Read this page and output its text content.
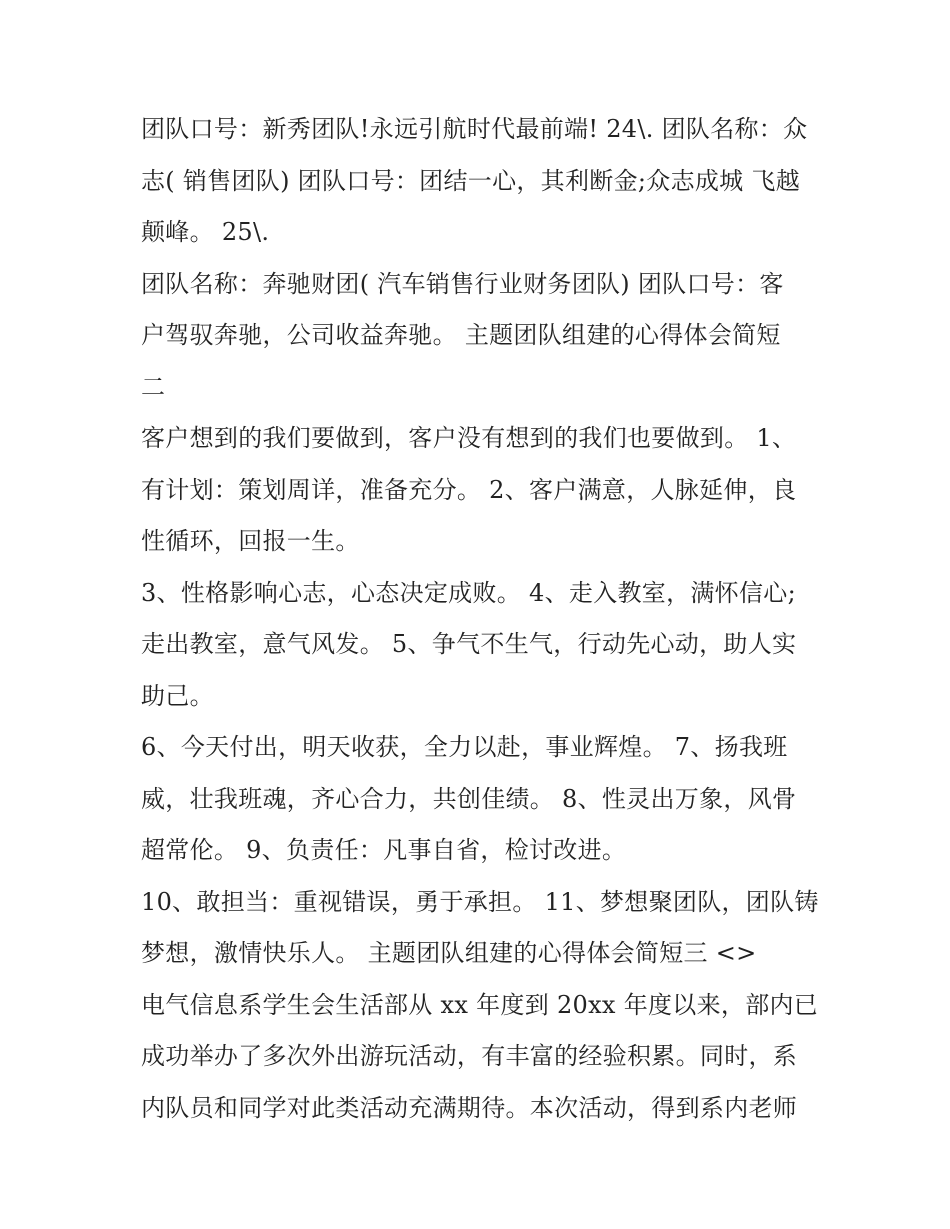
团队口号：新秀团队!永远引航时代最前端! 24\. 团队名称：众
志( 销售团队) 团队口号：团结一心，其利断金;众志成城 飞越
颠峰。 25\.
团队名称：奔驰财团( 汽车销售行业财务团队) 团队口号：客
户驾驭奔驰，公司收益奔驰。 主题团队组建的心得体会简短
二
客户想到的我们要做到，客户没有想到的我们也要做到。 1、
有计划：策划周详，准备充分。 2、客户满意，人脉延伸，良
性循环，回报一生。
3、性格影响心志，心态决定成败。 4、走入教室，满怀信心;
走出教室，意气风发。 5、争气不生气，行动先心动，助人实
助己。
6、今天付出，明天收获，全力以赴，事业辉煌。 7、扬我班
威，壮我班魂，齐心合力，共创佳绩。 8、性灵出万象，风骨
超常伦。 9、负责任：凡事自省，检讨改进。
10、敢担当：重视错误，勇于承担。 11、梦想聚团队，团队铸
梦想，激情快乐人。 主题团队组建的心得体会简短三 <>
电气信息系学生会生活部从 xx 年度到 20xx 年度以来，部内已
成功举办了多次外出游玩活动，有丰富的经验积累。同时，系
内队员和同学对此类活动充满期待。本次活动，得到系内老师
